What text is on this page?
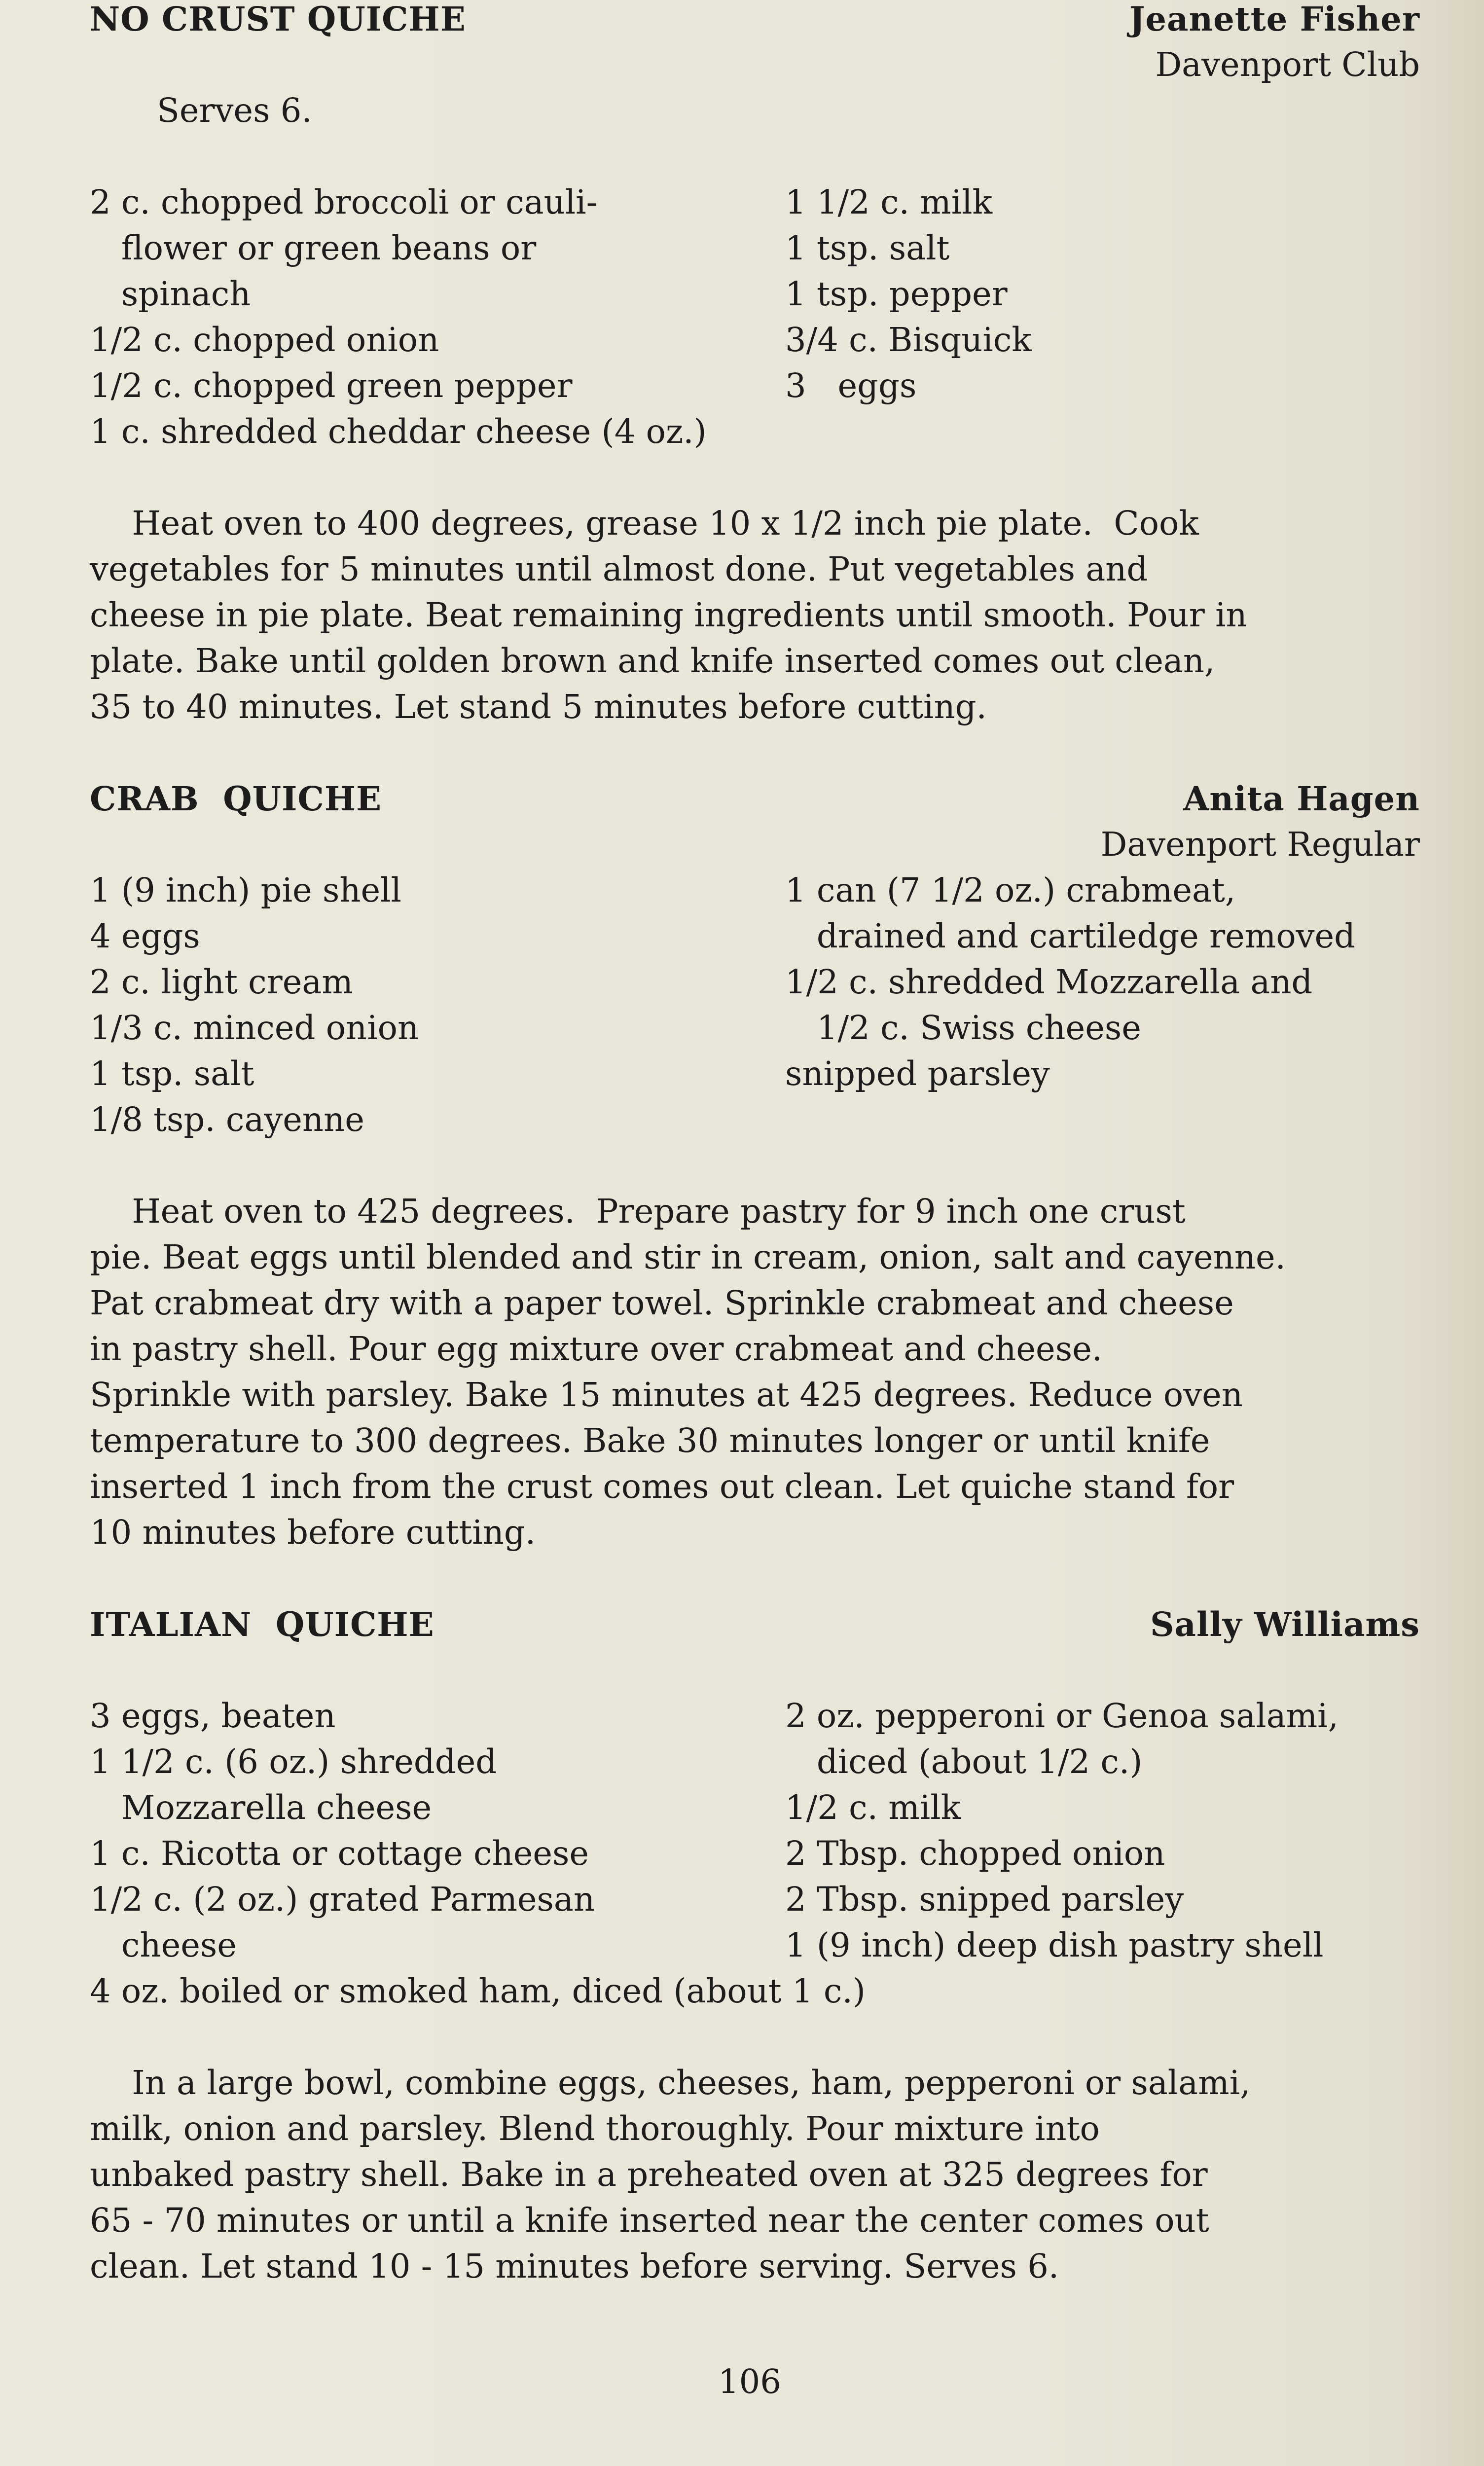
NO CRUST QUICHE	Jeanette Fisher

Davenport Club

Serves 6.

2 c. chopped broccoli or cauli-

flower or green beans or

spinach

1/2 c. chopped onion

1/2 c. chopped green pepper

1 c. shredded cheddar cheese (4 oz.)

1 1/2 c. milk

1 tsp. salt

1 tsp. pepper

3/4 c. Bisquick

3   eggs

Heat oven to 400 degrees, grease 10 x 1/2 inch pie plate.  Cook

vegetables for 5 minutes until almost done. Put vegetables and

cheese in pie plate. Beat remaining ingredients until smooth. Pour in

plate. Bake until golden brown and knife inserted comes out clean,

35 to 40 minutes. Let stand 5 minutes before cutting.

CRAB  QUICHE	Anita Hagen

Davenport Regular

1 (9 inch) pie shell

4 eggs

2 c. light cream

1/3 c. minced onion

1 tsp. salt

1/8 tsp. cayenne

1 can (7 1/2 oz.) crabmeat,

drained and cartiledge removed

1/2 c. shredded Mozzarella and

1/2 c. Swiss cheese

snipped parsley

Heat oven to 425 degrees.  Prepare pastry for 9 inch one crust

pie. Beat eggs until blended and stir in cream, onion, salt and cayenne.

Pat crabmeat dry with a paper towel. Sprinkle crabmeat and cheese

in pastry shell. Pour egg mixture over crabmeat and cheese.

Sprinkle with parsley. Bake 15 minutes at 425 degrees. Reduce oven

temperature to 300 degrees. Bake 30 minutes longer or until knife

inserted 1 inch from the crust comes out clean. Let quiche stand for

10 minutes before cutting.

ITALIAN  QUICHE	Sally Williams

3 eggs, beaten

1 1/2 c. (6 oz.) shredded

Mozzarella cheese

1 c. Ricotta or cottage cheese

1/2 c. (2 oz.) grated Parmesan

cheese

4 oz. boiled or smoked ham, diced (about 1 c.)

2 oz. pepperoni or Genoa salami,

diced (about 1/2 c.)

1/2 c. milk

2 Tbsp. chopped onion

2 Tbsp. snipped parsley

1 (9 inch) deep dish pastry shell

In a large bowl, combine eggs, cheeses, ham, pepperoni or salami,

milk, onion and parsley. Blend thoroughly. Pour mixture into

unbaked pastry shell. Bake in a preheated oven at 325 degrees for

65 - 70 minutes or until a knife inserted near the center comes out

clean. Let stand 10 - 15 minutes before serving. Serves 6.

106
